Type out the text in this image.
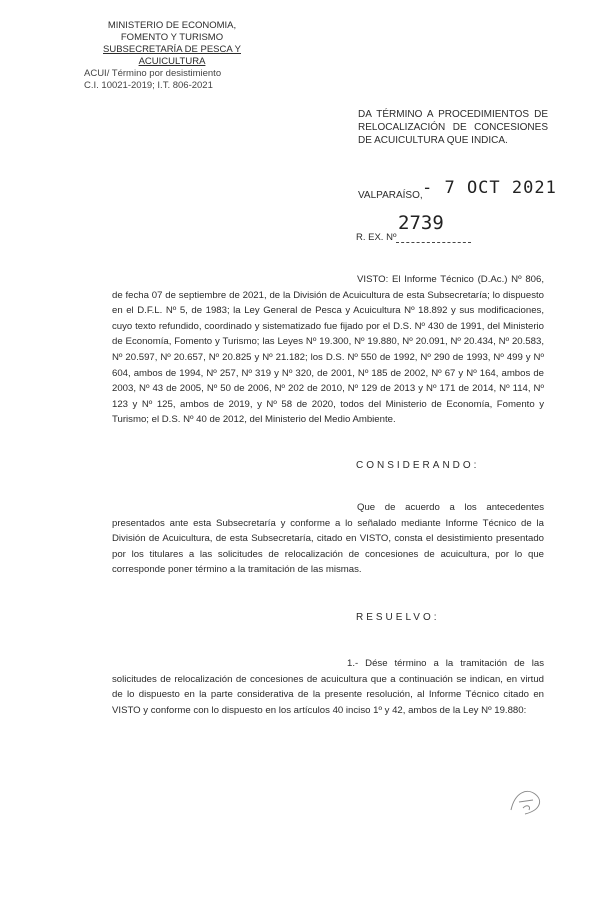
MINISTERIO DE ECONOMIA,
FOMENTO Y TURISMO
SUBSECRETARÍA DE PESCA Y ACUICULTURA
ACUI/ Término por desistimiento
C.I. 10021-2019; I.T. 806-2021
DA TÉRMINO A PROCEDIMIENTOS DE RELOCALIZACIÓN DE CONCESIONES DE ACUICULTURA QUE INDICA.
VALPARAÍSO, - 7 OCT 2021
2739
R. EX. Nº
VISTO: El Informe Técnico (D.Ac.) Nº 806, de fecha 07 de septiembre de 2021, de la División de Acuicultura de esta Subsecretaría; lo dispuesto en el D.F.L. Nº 5, de 1983; la Ley General de Pesca y Acuicultura Nº 18.892 y sus modificaciones, cuyo texto refundido, coordinado y sistematizado fue fijado por el D.S. Nº 430 de 1991, del Ministerio de Economía, Fomento y Turismo; las Leyes Nº 19.300, Nº 19.880, Nº 20.091, Nº 20.434, Nº 20.583, Nº 20.597, Nº 20.657, Nº 20.825 y Nº 21.182; los D.S. Nº 550 de 1992, Nº 290 de 1993, Nº 499 y Nº 604, ambos de 1994, Nº 257, Nº 319 y Nº 320, de 2001, Nº 185 de 2002, Nº 67 y Nº 164, ambos de 2003, Nº 43 de 2005, Nº 50 de 2006, Nº 202 de 2010, Nº 129 de 2013 y Nº 171 de 2014, Nº 114, Nº 123 y Nº 125, ambos de 2019, y Nº 58 de 2020, todos del Ministerio de Economía, Fomento y Turismo; el D.S. Nº 40 de 2012, del Ministerio del Medio Ambiente.
CONSIDERANDO:
Que de acuerdo a los antecedentes presentados ante esta Subsecretaría y conforme a lo señalado mediante Informe Técnico de la División de Acuicultura, de esta Subsecretaría, citado en VISTO, consta el desistimiento presentado por los titulares a las solicitudes de relocalización de concesiones de acuicultura, por lo que corresponde poner término a la tramitación de las mismas.
RESUELVO:
1.- Dése término a la tramitación de las solicitudes de relocalización de concesiones de acuicultura que a continuación se indican, en virtud de lo dispuesto en la parte considerativa de la presente resolución, al Informe Técnico citado en VISTO y conforme con lo dispuesto en los artículos 40 inciso 1º y 42, ambos de la Ley Nº 19.880:
